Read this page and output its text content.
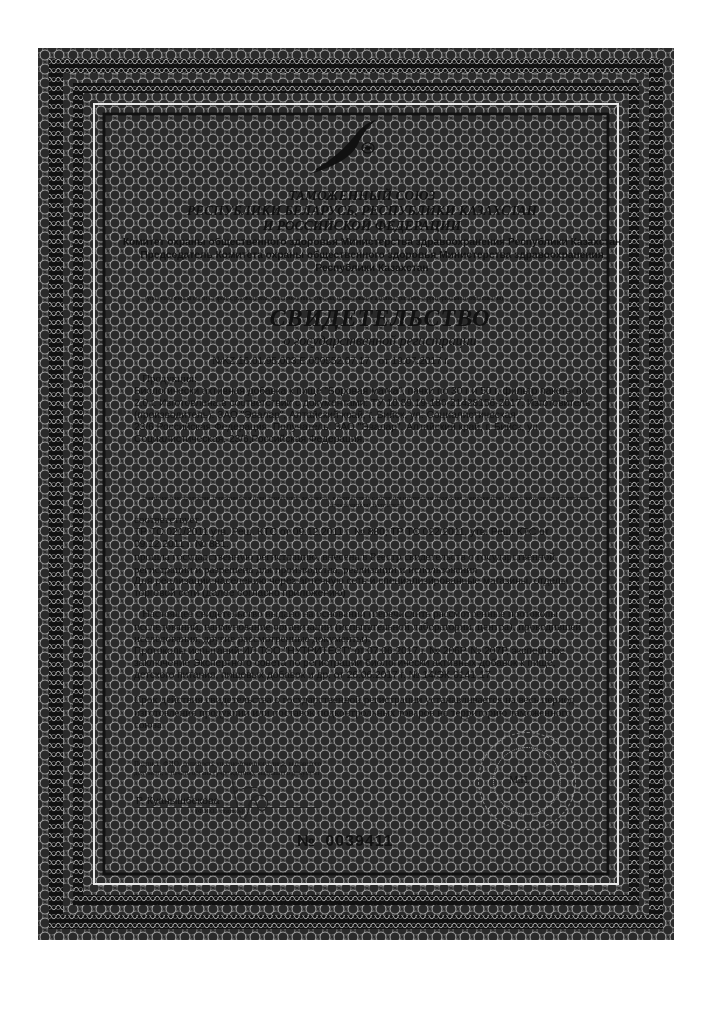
ТАМОЖЕННЫЙ СОЮЗ
РЕСПУБЛИКИ БЕЛАРУСЬ, РЕСПУБЛИКИ КАЗАХСТАН
И РОССИЙСКОЙ ФЕДЕРАЦИИ
Комитет охраны общественного здоровья Министерства здравоохранения Республики Казахстан
Председатель Комитета охраны общественного здоровья Министерства здравоохранения
Республики Казахстан
(уполномоченный орган Стороны, руководитель уполномоченного органа, наименование административно-территориального образования)
СВИДЕТЕЛЬСТВО
о государственной регистрации
№KZ.16.01.95.003.E.000552.07.17 от 19.07.2017 г.
Продукция:
Биологически активная добавка к пище "Боровая матка", пачки по 30 г и 50 г, фильтр пакеты по 2,0 г. Изготовлена в соответствии с документами: ТУ 10.89.19-186-21428156-2017. Изготовитель (производитель): ЗАО "Эвалар", Алтайский край, г. Бийск, ул. Социалистическая, 23/6,Российская Федерация. Получатель: ЗАО "Эвалар", Алтайский край, г. Бийск, ул. Социалистическая, 23/6,Российская Федерация.
(наименование продукции, нормативные и (или) технические документы, в соответствии с которыми изготовлена продукция, наименование и место нахождения изготовителя (производителя), получателя)
соответствует
ТР ТС 021/2011 утв. Реш. КТС от 09.12.2011 г. № 880; ТР ТС 022/2011, утв. Реш. КТС от 09.12.2011 г. № 881.
прошла государственную регистрацию, внесена в Реестр свидетельств о государственной регистрации и разрешена для производства, реализации и использования
Для реализации населению через аптечную сеть и специализированные магазины, отделы торговой сети (далее согласно приложению)
Настоящее свидетельство выдано на основании (перечислить рассмотренные протоколы исследований, наименование организации (испытательной лаборатории, центра), проводившей исследования, другие рассмотренные документы):
Протоколы испытаний ИЛ ТОО "НУТРИТЕСТ" от 07.06.2017 г. № 206Р, № 207Р, экспертное заключение Экспертного совета по регистрации биологически активных добавок к пище, детского питания, пищевых добавок и др. от 26.06.2017 г. № 14/ЭК-0141-17
Срок действия свидетельства о государственной регистрации устанавливается на весь период изготовления продукции или поставок подконтрольных товаров на территорию таможенного союза
Подпись, ФИО, должность уполномоченного лица, выдавшего документ, и печать органа (учреждения), выдавшего документ
Р. Куанышбекова
(Ф.И.О. / подпись)
М.П.
№ 0039411
